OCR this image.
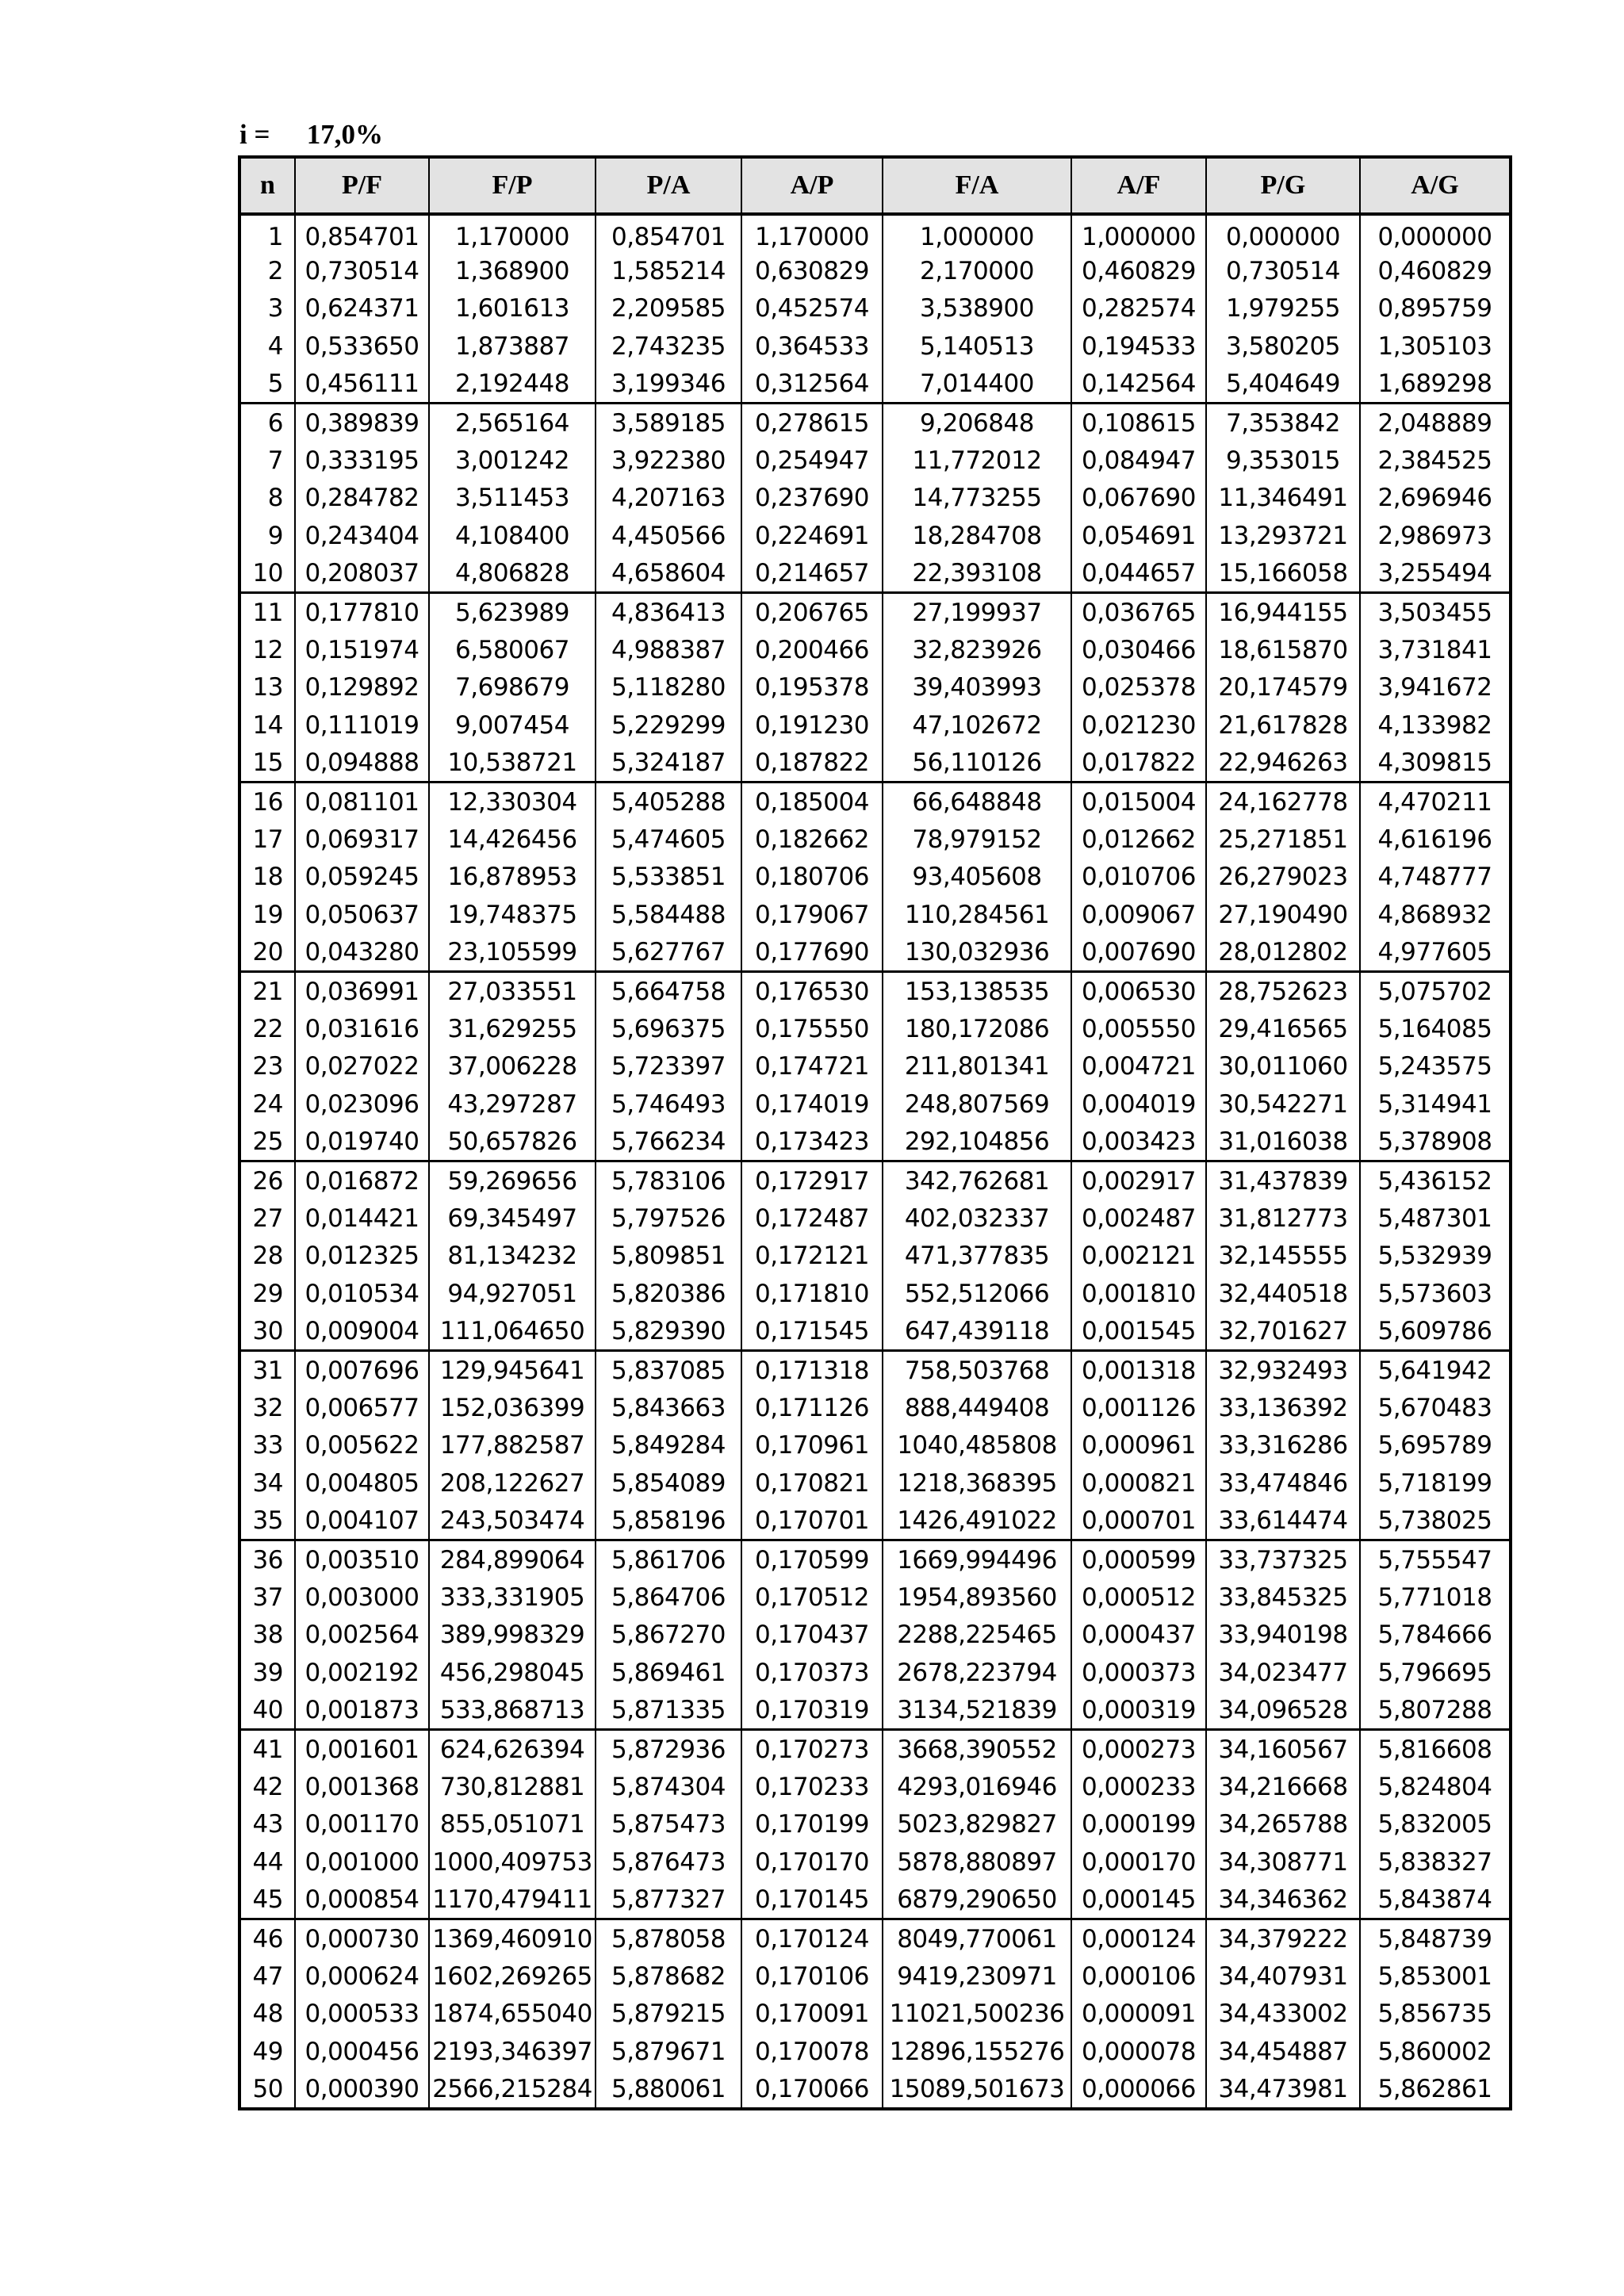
i = 17,0%
n	P/F	F/P	P/A	A/P	F/A	A/F	P/G	A/G
1	0,854701	1,170000	0,854701	1,170000	1,000000	1,000000	0,000000	0,000000
2	0,730514	1,368900	1,585214	0,630829	2,170000	0,460829	0,730514	0,460829
3	0,624371	1,601613	2,209585	0,452574	3,538900	0,282574	1,979255	0,895759
4	0,533650	1,873887	2,743235	0,364533	5,140513	0,194533	3,580205	1,305103
5	0,456111	2,192448	3,199346	0,312564	7,014400	0,142564	5,404649	1,689298
6	0,389839	2,565164	3,589185	0,278615	9,206848	0,108615	7,353842	2,048889
7	0,333195	3,001242	3,922380	0,254947	11,772012	0,084947	9,353015	2,384525
8	0,284782	3,511453	4,207163	0,237690	14,773255	0,067690	11,346491	2,696946
9	0,243404	4,108400	4,450566	0,224691	18,284708	0,054691	13,293721	2,986973
10	0,208037	4,806828	4,658604	0,214657	22,393108	0,044657	15,166058	3,255494
11	0,177810	5,623989	4,836413	0,206765	27,199937	0,036765	16,944155	3,503455
12	0,151974	6,580067	4,988387	0,200466	32,823926	0,030466	18,615870	3,731841
13	0,129892	7,698679	5,118280	0,195378	39,403993	0,025378	20,174579	3,941672
14	0,111019	9,007454	5,229299	0,191230	47,102672	0,021230	21,617828	4,133982
15	0,094888	10,538721	5,324187	0,187822	56,110126	0,017822	22,946263	4,309815
16	0,081101	12,330304	5,405288	0,185004	66,648848	0,015004	24,162778	4,470211
17	0,069317	14,426456	5,474605	0,182662	78,979152	0,012662	25,271851	4,616196
18	0,059245	16,878953	5,533851	0,180706	93,405608	0,010706	26,279023	4,748777
19	0,050637	19,748375	5,584488	0,179067	110,284561	0,009067	27,190490	4,868932
20	0,043280	23,105599	5,627767	0,177690	130,032936	0,007690	28,012802	4,977605
21	0,036991	27,033551	5,664758	0,176530	153,138535	0,006530	28,752623	5,075702
22	0,031616	31,629255	5,696375	0,175550	180,172086	0,005550	29,416565	5,164085
23	0,027022	37,006228	5,723397	0,174721	211,801341	0,004721	30,011060	5,243575
24	0,023096	43,297287	5,746493	0,174019	248,807569	0,004019	30,542271	5,314941
25	0,019740	50,657826	5,766234	0,173423	292,104856	0,003423	31,016038	5,378908
26	0,016872	59,269656	5,783106	0,172917	342,762681	0,002917	31,437839	5,436152
27	0,014421	69,345497	5,797526	0,172487	402,032337	0,002487	31,812773	5,487301
28	0,012325	81,134232	5,809851	0,172121	471,377835	0,002121	32,145555	5,532939
29	0,010534	94,927051	5,820386	0,171810	552,512066	0,001810	32,440518	5,573603
30	0,009004	111,064650	5,829390	0,171545	647,439118	0,001545	32,701627	5,609786
31	0,007696	129,945641	5,837085	0,171318	758,503768	0,001318	32,932493	5,641942
32	0,006577	152,036399	5,843663	0,171126	888,449408	0,001126	33,136392	5,670483
33	0,005622	177,882587	5,849284	0,170961	1040,485808	0,000961	33,316286	5,695789
34	0,004805	208,122627	5,854089	0,170821	1218,368395	0,000821	33,474846	5,718199
35	0,004107	243,503474	5,858196	0,170701	1426,491022	0,000701	33,614474	5,738025
36	0,003510	284,899064	5,861706	0,170599	1669,994496	0,000599	33,737325	5,755547
37	0,003000	333,331905	5,864706	0,170512	1954,893560	0,000512	33,845325	5,771018
38	0,002564	389,998329	5,867270	0,170437	2288,225465	0,000437	33,940198	5,784666
39	0,002192	456,298045	5,869461	0,170373	2678,223794	0,000373	34,023477	5,796695
40	0,001873	533,868713	5,871335	0,170319	3134,521839	0,000319	34,096528	5,807288
41	0,001601	624,626394	5,872936	0,170273	3668,390552	0,000273	34,160567	5,816608
42	0,001368	730,812881	5,874304	0,170233	4293,016946	0,000233	34,216668	5,824804
43	0,001170	855,051071	5,875473	0,170199	5023,829827	0,000199	34,265788	5,832005
44	0,001000	1000,409753	5,876473	0,170170	5878,880897	0,000170	34,308771	5,838327
45	0,000854	1170,479411	5,877327	0,170145	6879,290650	0,000145	34,346362	5,843874
46	0,000730	1369,460910	5,878058	0,170124	8049,770061	0,000124	34,379222	5,848739
47	0,000624	1602,269265	5,878682	0,170106	9419,230971	0,000106	34,407931	5,853001
48	0,000533	1874,655040	5,879215	0,170091	11021,500236	0,000091	34,433002	5,856735
49	0,000456	2193,346397	5,879671	0,170078	12896,155276	0,000078	34,454887	5,860002
50	0,000390	2566,215284	5,880061	0,170066	15089,501673	0,000066	34,473981	5,862861
